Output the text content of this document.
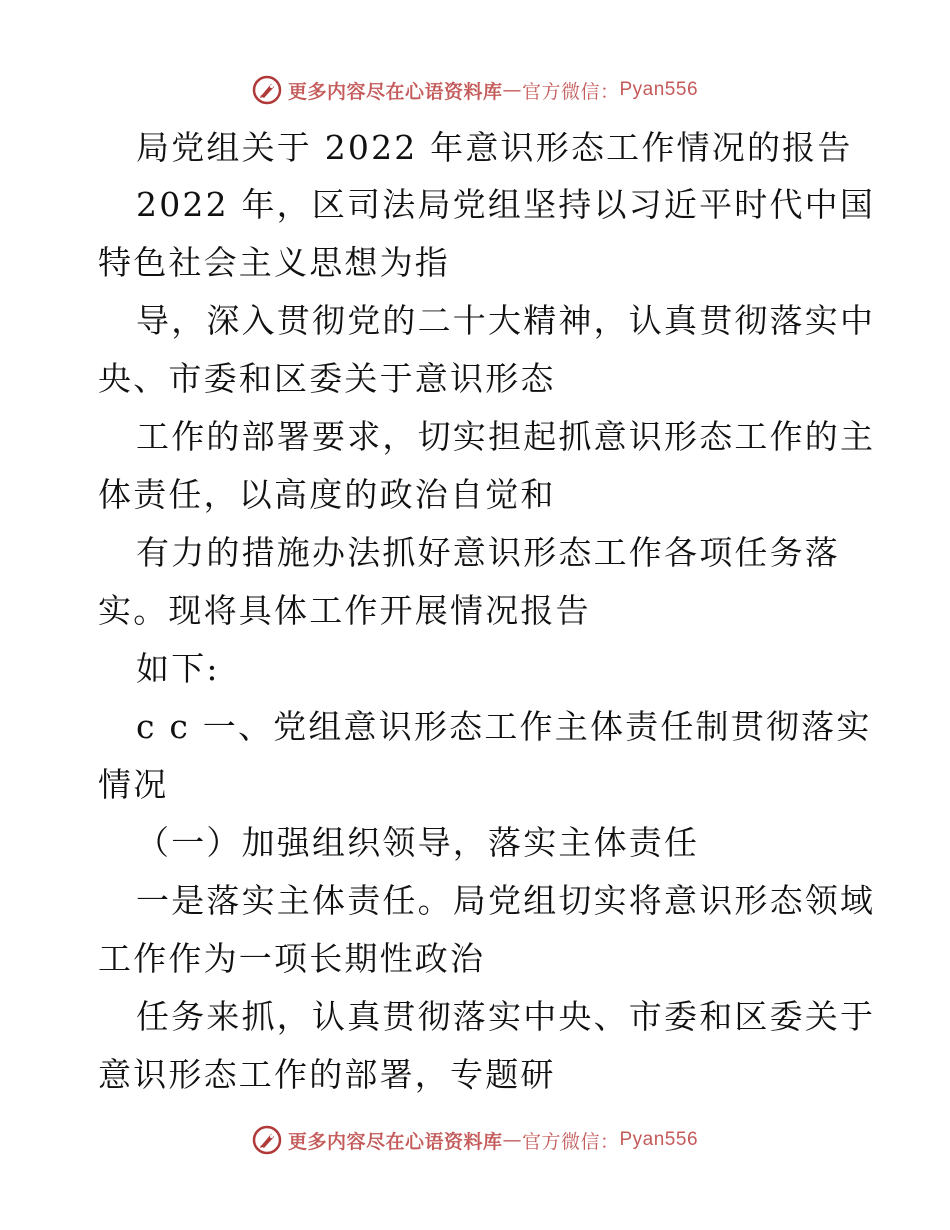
更多内容尽在心语资料库 — 官方微信： Pyan556
局党组关于 2022 年意识形态工作情况的报告
2022 年，区司法局党组坚持以习近平时代中国
特色社会主义思想为指
导，深入贯彻党的二十大精神，认真贯彻落实中
央、市委和区委关于意识形态
工作的部署要求，切实担起抓意识形态工作的主
体责任，以高度的政治自觉和
有力的措施办法抓好意识形态工作各项任务落
实。现将具体工作开展情况报告
如下:
c c 一、党组意识形态工作主体责任制贯彻落实
情况
（一）加强组织领导，落实主体责任
一是落实主体责任。局党组切实将意识形态领域
工作作为一项长期性政治
任务来抓，认真贯彻落实中央、市委和区委关于
意识形态工作的部署，专题研
更多内容尽在心语资料库 — 官方微信： Pyan556
